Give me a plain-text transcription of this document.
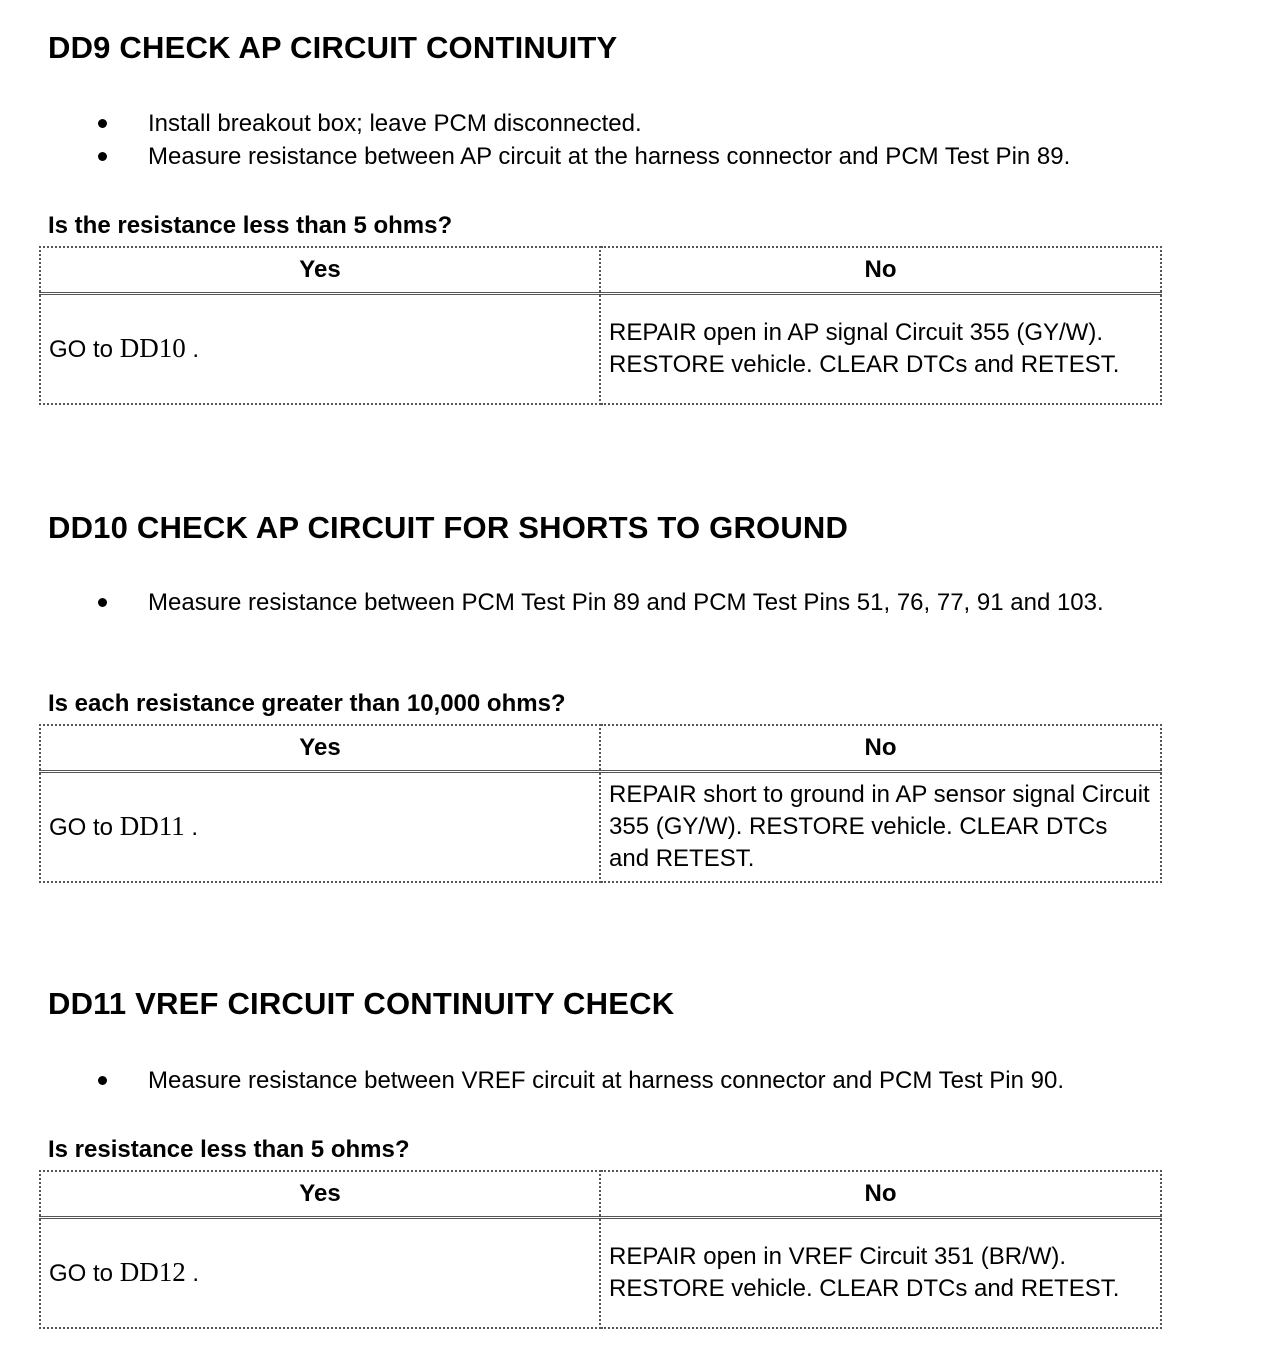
DD9 CHECK AP CIRCUIT CONTINUITY
Install breakout box; leave PCM disconnected.
Measure resistance between AP circuit at the harness connector and PCM Test Pin 89.

Is the resistance less than 5 ohms?

Yes	No
GO to DD10 .	REPAIR open in AP signal Circuit 355 (GY/W). RESTORE vehicle. CLEAR DTCs and RETEST.
DD10 CHECK AP CIRCUIT FOR SHORTS TO GROUND
Measure resistance between PCM Test Pin 89 and PCM Test Pins 51, 76, 77, 91 and 103.

Is each resistance greater than 10,000 ohms?

Yes	No
GO to DD11 .	REPAIR short to ground in AP sensor signal Circuit 355 (GY/W). RESTORE vehicle. CLEAR DTCs and RETEST.
DD11 VREF CIRCUIT CONTINUITY CHECK
Measure resistance between VREF circuit at harness connector and PCM Test Pin 90.

Is resistance less than 5 ohms?

Yes	No
GO to DD12 .	REPAIR open in VREF Circuit 351 (BR/W). RESTORE vehicle. CLEAR DTCs and RETEST.
